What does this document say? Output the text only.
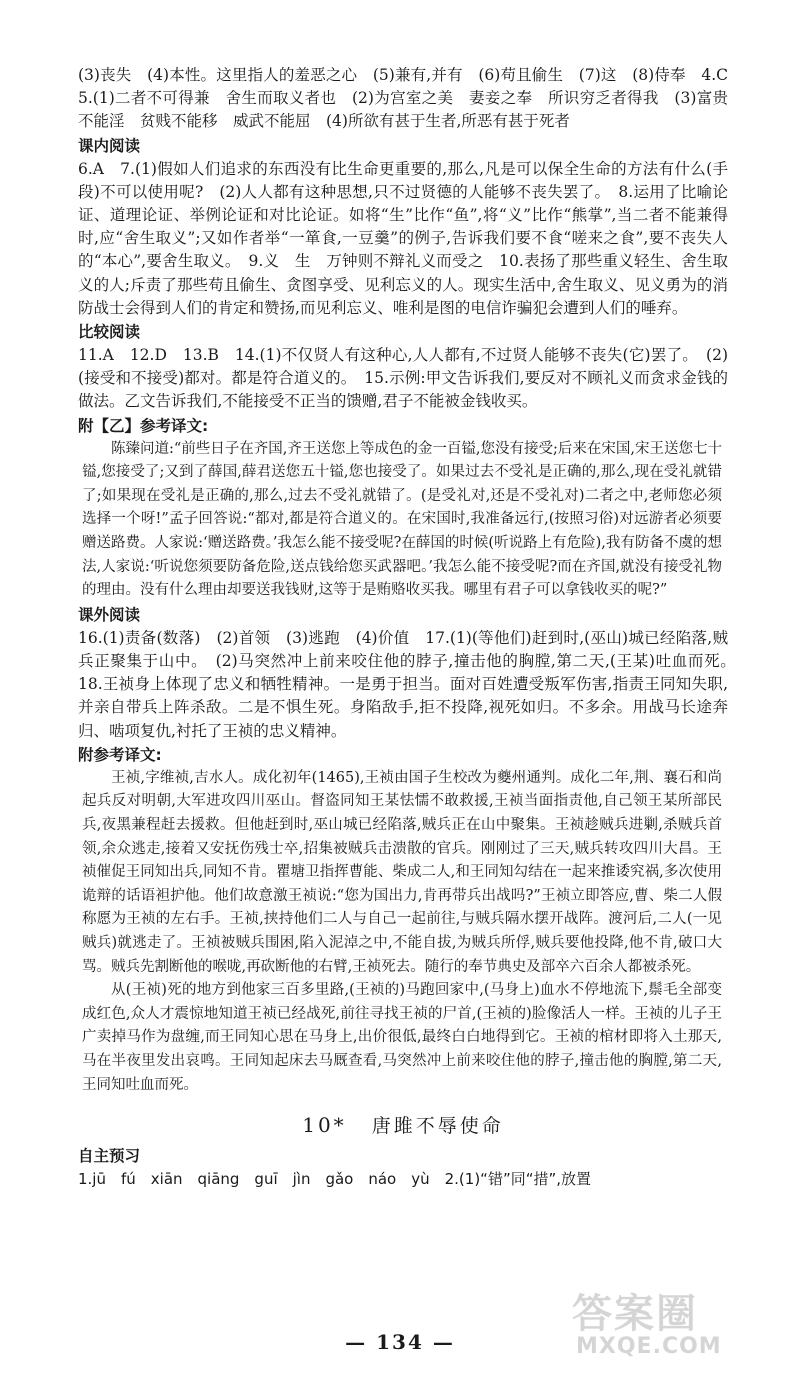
(3)丧失　(4)本性。这里指人的羞恶之心　(5)兼有,并有　(6)苟且偷生　(7)这　(8)侍奉　4.C　5.(1)二者不可得兼　舍生而取义者也　(2)为宫室之美　妻妾之奉　所识穷乏者得我　(3)富贵不能淫　贫贱不能移　威武不能屈　(4)所欲有甚于生者,所恶有甚于死者

课内阅读

6.A　7.(1)假如人们追求的东西没有比生命更重要的,那么,凡是可以保全生命的方法有什么(手段)不可以使用呢?　(2)人人都有这种思想,只不过贤德的人能够不丧失罢了。　8.运用了比喻论证、道理论证、举例论证和对比论证。如将“生”比作“鱼”,将“义”比作“熊掌”,当二者不能兼得时,应“舍生取义”;又如作者举“一箪食,一豆羹”的例子,告诉我们要不食“嗟来之食”,要不丧失人的“本心”,要舍生取义。　9.义　生　万钟则不辩礼义而受之　10.表扬了那些重义轻生、舍生取义的人;斥责了那些苟且偷生、贪图享受、见利忘义的人。现实生活中,舍生取义、见义勇为的消防战士会得到人们的肯定和赞扬,而见利忘义、唯利是图的电信诈骗犯会遭到人们的唾弃。

比较阅读

11.A　12.D　13.B　14.(1)不仅贤人有这种心,人人都有,不过贤人能够不丧失(它)罢了。　(2)(接受和不接受)都对。都是符合道义的。　15.示例:甲文告诉我们,要反对不顾礼义而贪求金钱的做法。乙文告诉我们,不能接受不正当的馈赠,君子不能被金钱收买。

附【乙】参考译文:

陈臻问道:“前些日子在齐国,齐王送您上等成色的金一百镒,您没有接受;后来在宋国,宋王送您七十镒,您接受了;又到了薛国,薛君送您五十镒,您也接受了。如果过去不受礼是正确的,那么,现在受礼就错了;如果现在受礼是正确的,那么,过去不受礼就错了。(是受礼对,还是不受礼对)二者之中,老师您必须选择一个呀!”孟子回答说:“都对,都是符合道义的。在宋国时,我准备远行,(按照习俗)对远游者必须要赠送路费。人家说:‘赠送路费。’我怎么能不接受呢?在薛国的时候(听说路上有危险),我有防备不虞的想法,人家说:‘听说您须要防备危险,送点钱给您买武器吧。’我怎么能不接受呢?而在齐国,就没有接受礼物的理由。没有什么理由却要送我钱财,这等于是贿赂收买我。哪里有君子可以拿钱收买的呢?”

课外阅读

16.(1)责备(数落)　(2)首领　(3)逃跑　(4)价值　17.(1)(等他们)赶到时,(巫山)城已经陷落,贼兵正聚集于山中。　(2)马突然冲上前来咬住他的脖子,撞击他的胸膛,第二天,(王某)吐血而死。　18.王祯身上体现了忠义和牺牲精神。一是勇于担当。面对百姓遭受叛军伤害,指责王同知失职,并亲自带兵上阵杀敌。二是不惧生死。身陷敌手,拒不投降,视死如归。不多余。用战马长途奔归、啮项复仇,衬托了王祯的忠义精神。

附参考译文:

王祯,字维祯,吉水人。成化初年(1465),王祯由国子生校改为夔州通判。成化二年,荆、襄石和尚起兵反对明朝,大军进攻四川巫山。督盗同知王某怯懦不敢救援,王祯当面指责他,自己领王某所部民兵,夜黑兼程赶去援救。但他赶到时,巫山城已经陷落,贼兵正在山中聚集。王祯趁贼兵进剿,杀贼兵首领,余众逃走,接着又安抚伤残士卒,招集被贼兵击溃散的官兵。刚刚过了三天,贼兵转攻四川大昌。王祯催促王同知出兵,同知不肯。瞿塘卫指挥曹能、柴成二人,和王同知勾结在一起来推诿究祸,多次使用诡辩的话语袒护他。他们故意激王祯说:“您为国出力,肯再带兵出战吗?”王祯立即答应,曹、柴二人假称愿为王祯的左右手。王祯,挟持他们二人与自己一起前往,与贼兵隔水摆开战阵。渡河后,二人(一见贼兵)就逃走了。王祯被贼兵围困,陷入泥淖之中,不能自拔,为贼兵所俘,贼兵要他投降,他不肯,破口大骂。贼兵先割断他的喉咙,再砍断他的右臂,王祯死去。随行的奉节典史及部卒六百余人都被杀死。

从(王祯)死的地方到他家三百多里路,(王祯的)马跑回家中,(马身上)血水不停地流下,鬃毛全部变成红色,众人才震惊地知道王祯已经战死,前往寻找王祯的尸首,(王祯的)脸像活人一样。王祯的儿子王广卖掉马作为盘缠,而王同知心思在马身上,出价很低,最终白白地得到它。王祯的棺材即将入土那天,马在半夜里发出哀鸣。王同知起床去马厩查看,马突然冲上前来咬住他的脖子,撞击他的胸膛,第二天,王同知吐血而死。

10* 唐雎不辱使命

自主预习

1.jū　fú　xiān　qiāng　guī　jìn　gǎo　náo　yù　2.(1)“错”同“措”,放置

— 134 —
答案圈
MXQE.COM
